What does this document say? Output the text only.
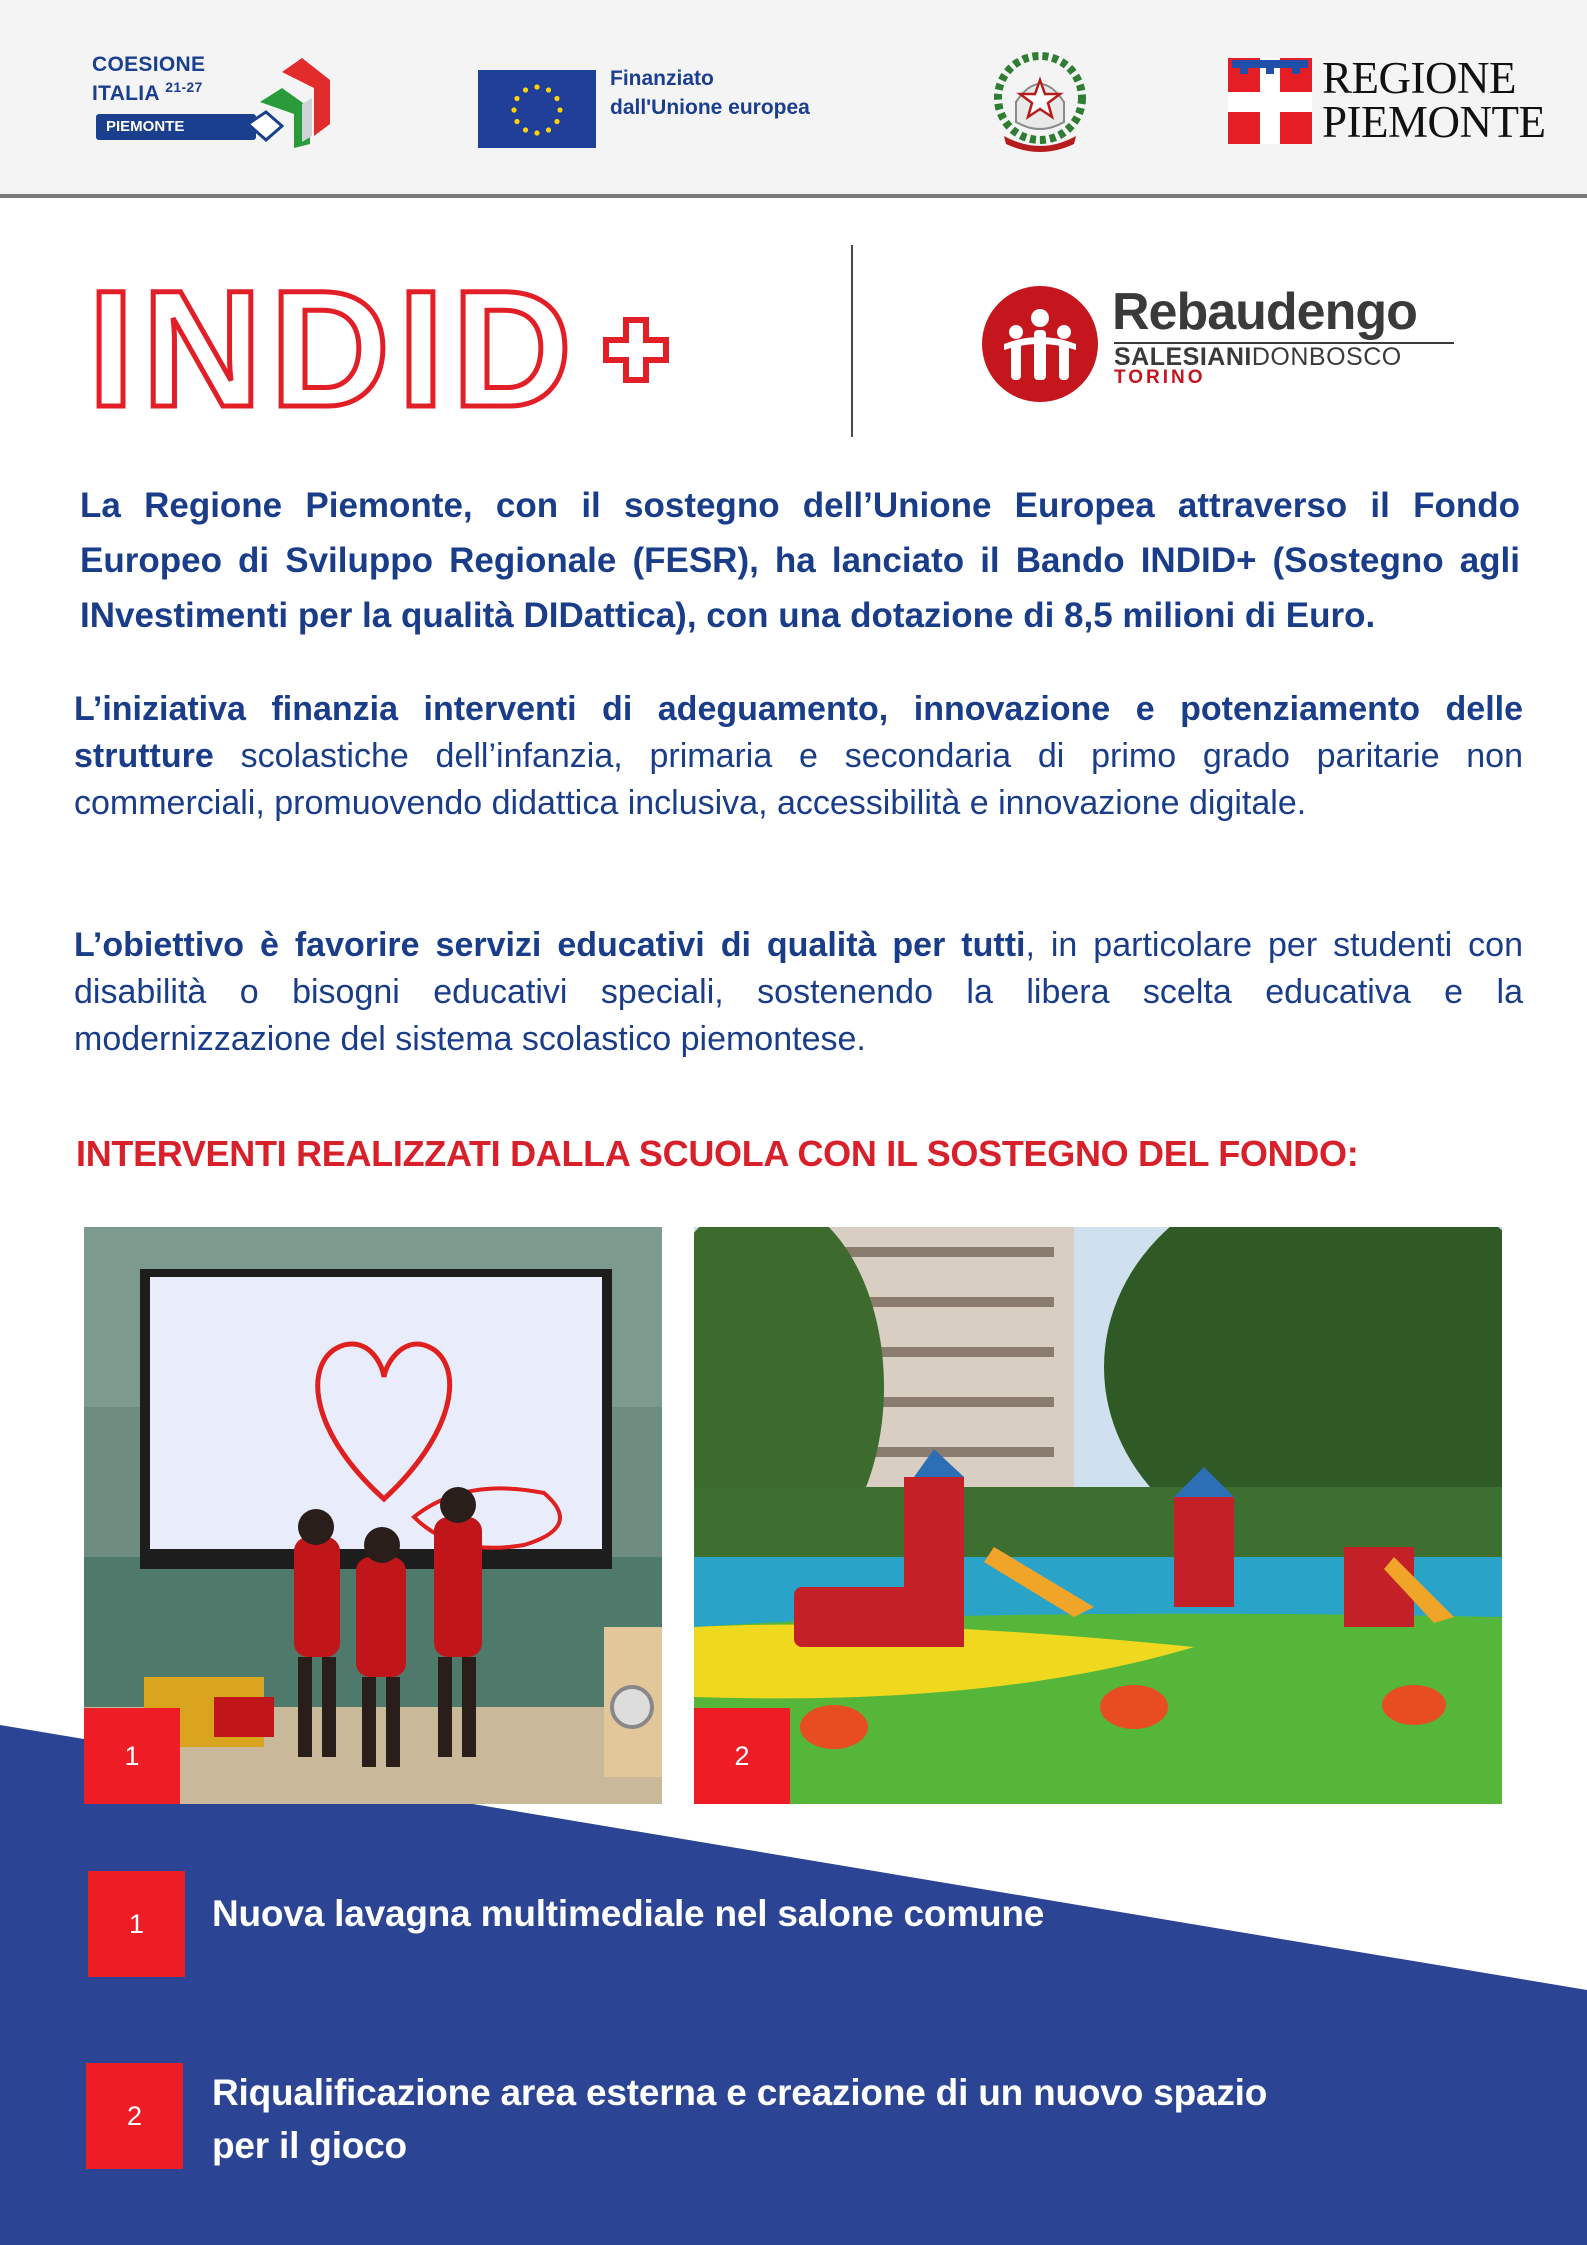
COESIONE
ITALIA $^{21-27}$
PIEMONTE
Finanziato
dall'Unione europea
REGIONE
PIEMONTE
INDID	Rebaudengo
SALESIANIDONBOSCO
TORINO
La Regione Piemonte, con il sostegno dell’Unione Europea attraverso il Fondo Europeo di Sviluppo Regionale (FESR), ha lanciato il Bando INDID+ (Sostegno agli INvestimenti per la qualità DIDattica), con una dotazione di 8,5 milioni di Euro.
L’iniziativa finanzia interventi di adeguamento, innovazione e potenziamento delle strutture scolastiche dell’infanzia, primaria e secondaria di primo grado paritarie non commerciali, promuovendo didattica inclusiva, accessibilità e innovazione digitale.
L’obiettivo è favorire servizi educativi di qualità per tutti, in particolare per studenti con disabilità o bisogni educativi speciali, sostenendo la libera scelta educativa e la modernizzazione del sistema scolastico piemontese.
INTERVENTI REALIZZATI DALLA SCUOLA CON IL SOSTEGNO DEL FONDO:
1	2
1	Nuova lavagna multimediale nel salone comune
2
Riqualificazione area esterna e creazione di un nuovo spazio per il gioco
